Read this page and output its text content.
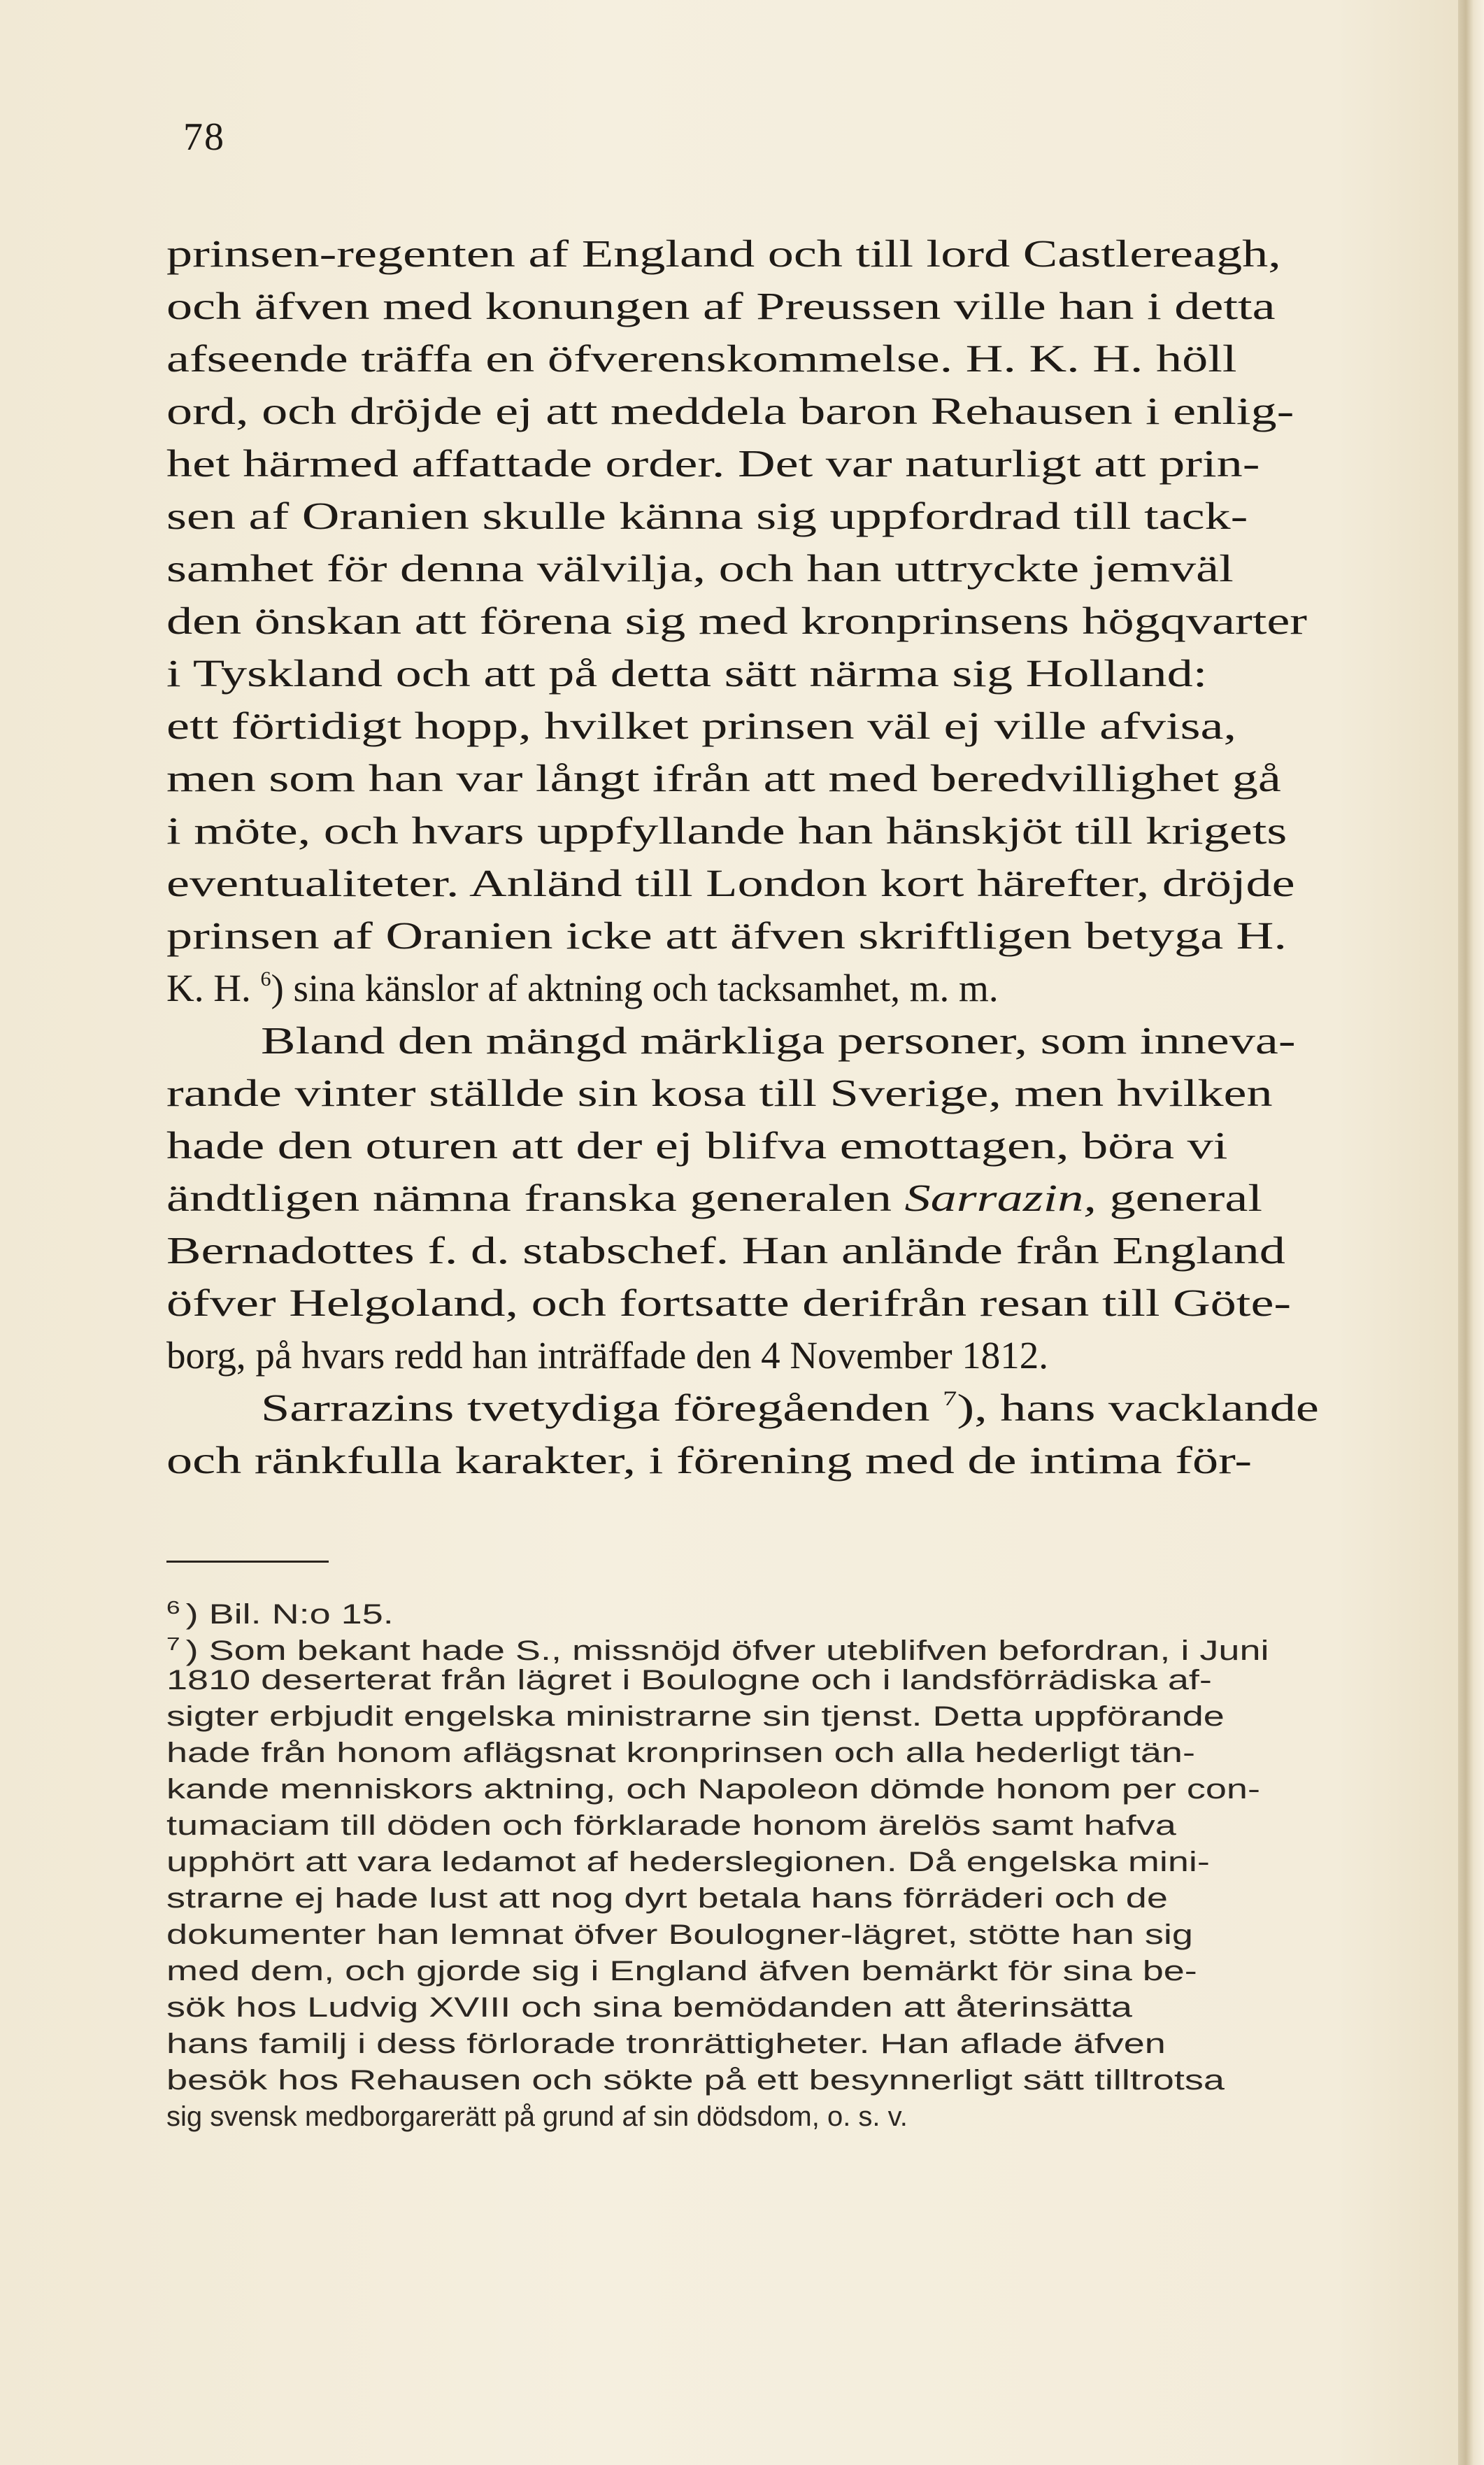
78
prinsen-regenten af England och till lord Castlereagh,
och äfven med konungen af Preussen ville han i detta
afseende träffa en öfverenskommelse. H. K. H. höll
ord, och dröjde ej att meddela baron Rehausen i enlig-
het härmed affattade order. Det var naturligt att prin-
sen af Oranien skulle känna sig uppfordrad till tack-
samhet för denna välvilja, och han uttryckte jemväl
den önskan att förena sig med kronprinsens högqvarter
i Tyskland och att på detta sätt närma sig Holland:
ett förtidigt hopp, hvilket prinsen väl ej ville afvisa,
men som han var långt ifrån att med beredvillighet gå
i möte, och hvars uppfyllande han hänskjöt till krigets
eventualiteter. Anländ till London kort härefter, dröjde
prinsen af Oranien icke att äfven skriftligen betyga H.
K. H. $^6$) sina känslor af aktning och tacksamhet, m. m.
Bland den mängd märkliga personer, som inneva-
rande vinter ställde sin kosa till Sverige, men hvilken
hade den oturen att der ej blifva emottagen, böra vi
ändtligen nämna franska generalen Sarrazin, general
Bernadottes f. d. stabschef. Han anlände från England
öfver Helgoland, och fortsatte derifrån resan till Göte-
borg, på hvars redd han inträffade den 4 November 1812.
Sarrazins tvetydiga föregåenden $^7$), hans vacklande
och ränkfulla karakter, i förening med de intima för-
$^6$ ) Bil. N:o 15.
$^7$ ) Som bekant hade S., missnöjd öfver uteblifven befordran, i Juni
1810 deserterat från lägret i Boulogne och i landsförrädiska af-
sigter erbjudit engelska ministrarne sin tjenst. Detta uppförande
hade från honom aflägsnat kronprinsen och alla hederligt tän-
kande menniskors aktning, och Napoleon dömde honom per con-
tumaciam till döden och förklarade honom ärelös samt hafva
upphört att vara ledamot af hederslegionen. Då engelska mini-
strarne ej hade lust att nog dyrt betala hans förräderi och de
dokumenter han lemnat öfver Boulogner-lägret, stötte han sig
med dem, och gjorde sig i England äfven bemärkt för sina be-
sök hos Ludvig XVIII och sina bemödanden att återinsätta
hans familj i dess förlorade tronrättigheter. Han aflade äfven
besök hos Rehausen och sökte på ett besynnerligt sätt tilltrotsa
sig svensk medborgarerätt på grund af sin dödsdom, o. s. v.
